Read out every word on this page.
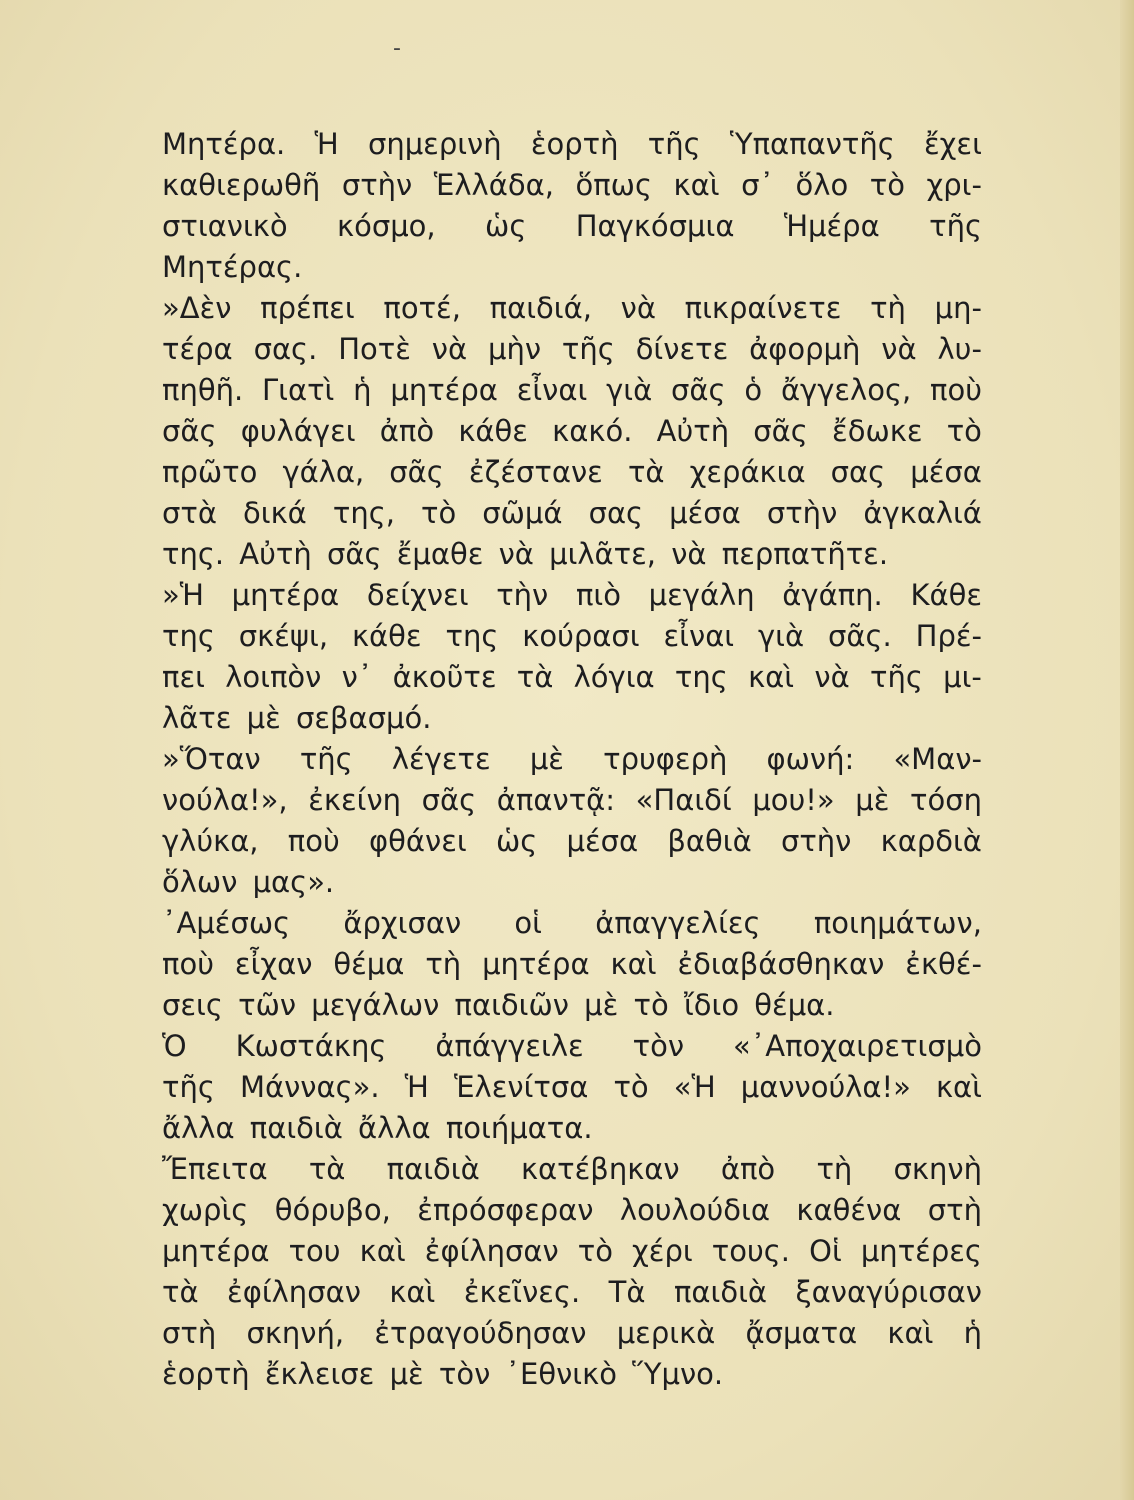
-
Μητέρα. Ἡ σημερινὴ ἑορτὴ τῆς Ὑπαπαντῆς ἔχει
καθιερωθῆ στὴν Ἑλλάδα, ὅπως καὶ σ᾿ ὅλο τὸ χρι-
στιανικὸ κόσμο, ὡς Παγκόσμια Ἡμέρα τῆς
Μητέρας.
»Δὲν πρέπει ποτέ, παιδιά, νὰ πικραίνετε τὴ μη-
τέρα σας. Ποτὲ νὰ μὴν τῆς δίνετε ἀφορμὴ νὰ λυ-
πηθῆ. Γιατὶ ἡ μητέρα εἶναι γιὰ σᾶς ὁ ἄγγελος, ποὺ
σᾶς φυλάγει ἀπὸ κάθε κακό. Αὐτὴ σᾶς ἔδωκε τὸ
πρῶτο γάλα, σᾶς ἐζέστανε τὰ χεράκια σας μέσα
στὰ δικά της, τὸ σῶμά σας μέσα στὴν ἀγκαλιά
της. Αὐτὴ σᾶς ἔμαθε νὰ μιλᾶτε, νὰ περπατῆτε.
»Ἡ μητέρα δείχνει τὴν πιὸ μεγάλη ἀγάπη. Κάθε
της σκέψι, κάθε της κούρασι εἶναι γιὰ σᾶς. Πρέ-
πει λοιπὸν ν᾿ ἀκοῦτε τὰ λόγια της καὶ νὰ τῆς μι-
λᾶτε μὲ σεβασμό.
»Ὅταν τῆς λέγετε μὲ τρυφερὴ φωνή: «Μαν-
νούλα!», ἐκείνη σᾶς ἀπαντᾷ: «Παιδί μου!» μὲ τόση
γλύκα, ποὺ φθάνει ὡς μέσα βαθιὰ στὴν καρδιὰ
ὅλων μας».
᾿Αμέσως ἄρχισαν οἱ ἀπαγγελίες ποιημάτων,
ποὺ εἶχαν θέμα τὴ μητέρα καὶ ἐδιαβάσθηκαν ἐκθέ-
σεις τῶν μεγάλων παιδιῶν μὲ τὸ ἴδιο θέμα.
Ὁ Κωστάκης ἀπάγγειλε τὸν «᾿Αποχαιρετισμὸ
τῆς Μάννας». Ἡ Ἑλενίτσα τὸ «Ἡ μαννούλα!» καὶ
ἄλλα παιδιὰ ἄλλα ποιήματα.
Ἔπειτα τὰ παιδιὰ κατέβηκαν ἀπὸ τὴ σκηνὴ
χωρὶς θόρυβο, ἐπρόσφεραν λουλούδια καθένα στὴ
μητέρα του καὶ ἐφίλησαν τὸ χέρι τους. Οἱ μητέρες
τὰ ἐφίλησαν καὶ ἐκεῖνες. Τὰ παιδιὰ ξαναγύρισαν
στὴ σκηνή, ἐτραγούδησαν μερικὰ ᾄσματα καὶ ἡ
ἑορτὴ ἔκλεισε μὲ τὸν ᾿Εθνικὸ Ὕμνο.
